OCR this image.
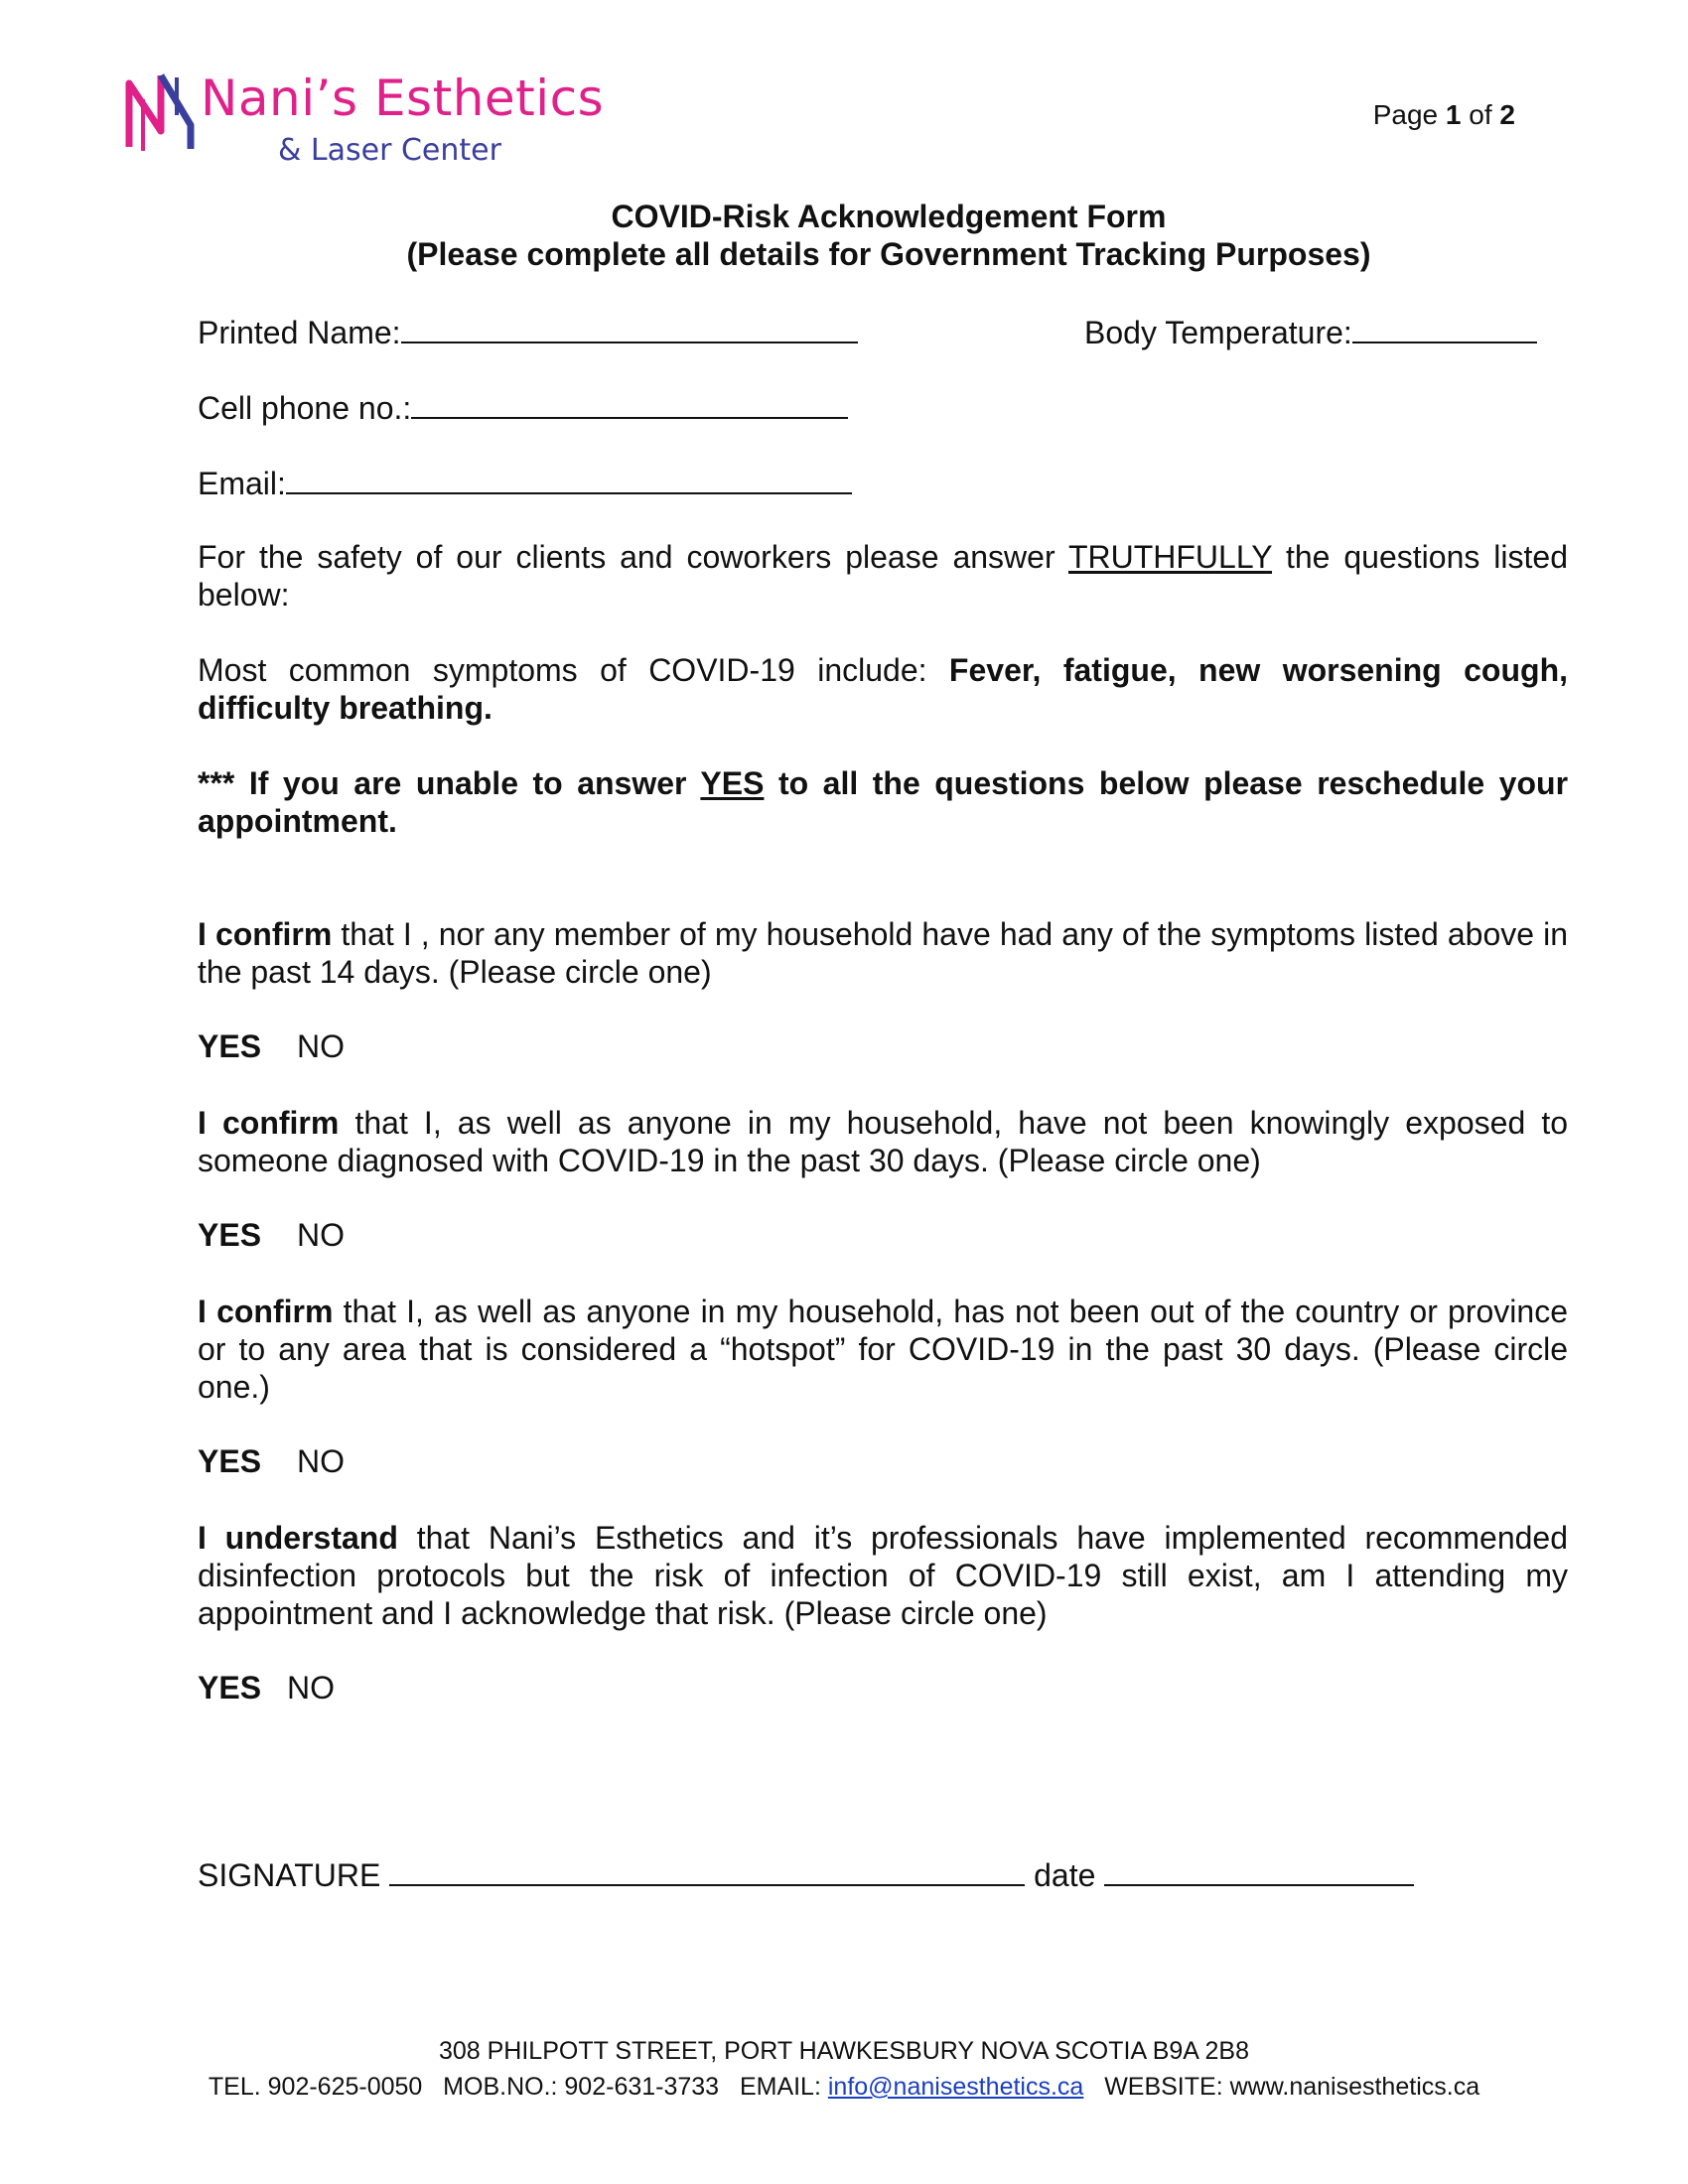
Nani’s Esthetics
& Laser Center
Page 1 of 2
COVID-Risk Acknowledgement Form
(Please complete all details for Government Tracking Purposes)
Printed Name:	Body Temperature:
Cell phone no.:
Email:
For the safety of our clients and coworkers please answer TRUTHFULLY the questions listed below:
Most common symptoms of COVID-19 include: Fever, fatigue, new worsening cough, difficulty breathing.
*** If you are unable to answer YES to all the questions below please reschedule your appointment.
I confirm that I , nor any member of my household have had any of the symptoms listed above in the past 14 days. (Please circle one)
YES NO
I confirm that I, as well as anyone in my household, have not been knowingly exposed to someone diagnosed with COVID-19 in the past 30 days. (Please circle one)
YES NO
I confirm that I, as well as anyone in my household, has not been out of the country or province or to any area that is considered a “hotspot” for COVID-19 in the past 30 days. (Please circle one.)
YES NO
I understand that Nani’s Esthetics and it’s professionals have implemented recommended disinfection protocols but the risk of infection of COVID-19 still exist, am I attending my appointment and I acknowledge that risk. (Please circle one)
YES NO
SIGNATURE	date
308 PHILPOTT STREET, PORT HAWKESBURY NOVA SCOTIA B9A 2B8
TEL. 902-625-0050 MOB.NO.: 902-631-3733 EMAIL: info@nanisesthetics.ca WEBSITE: www.nanisesthetics.ca
